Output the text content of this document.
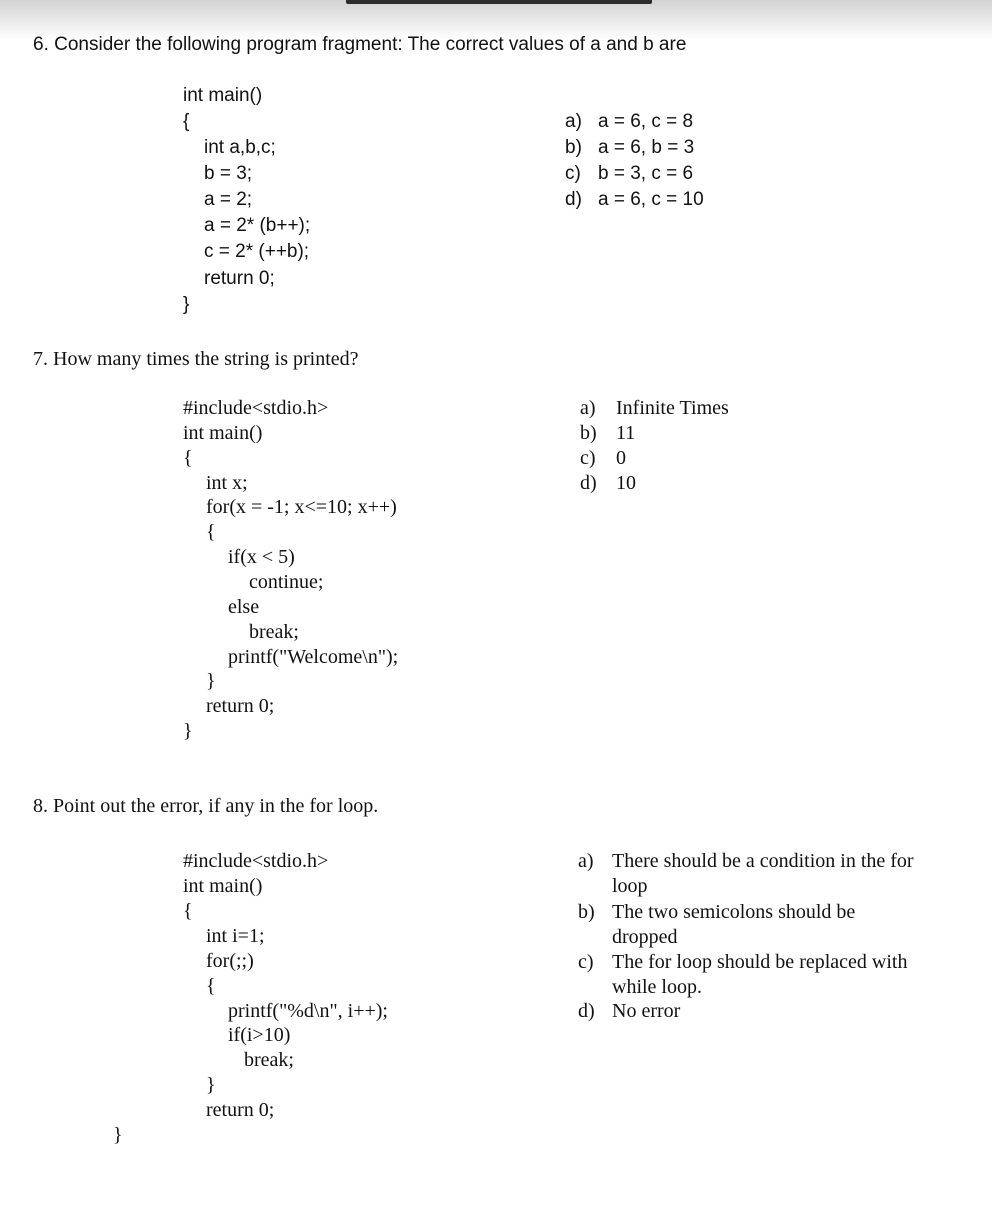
6. Consider the following program fragment: The correct values of a and b are
int main()
{
int a,b,c;
b = 3;
a = 2;
a = 2* (b++);
c = 2* (++b);
return 0;
}
a) a = 6, c = 8
b) a = 6, b = 3
c) b = 3, c = 6
d) a = 6, c = 10
7. How many times the string is printed?
#include<stdio.h>
int main()
{
int x;
for(x = -1; x<=10; x++)
{
if(x < 5)
continue;
else
break;
printf("Welcome\n");
}
return 0;
}
a) Infinite Times
b) 11
c) 0
d) 10
8. Point out the error, if any in the for loop.
#include<stdio.h>
int main()
{
int i=1;
for(;;)
{
printf("%d\n", i++);
if(i>10)
break;
}
return 0;
}
a) There should be a condition in the for
loop
b) The two semicolons should be
dropped
c) The for loop should be replaced with
while loop.
d) No error
